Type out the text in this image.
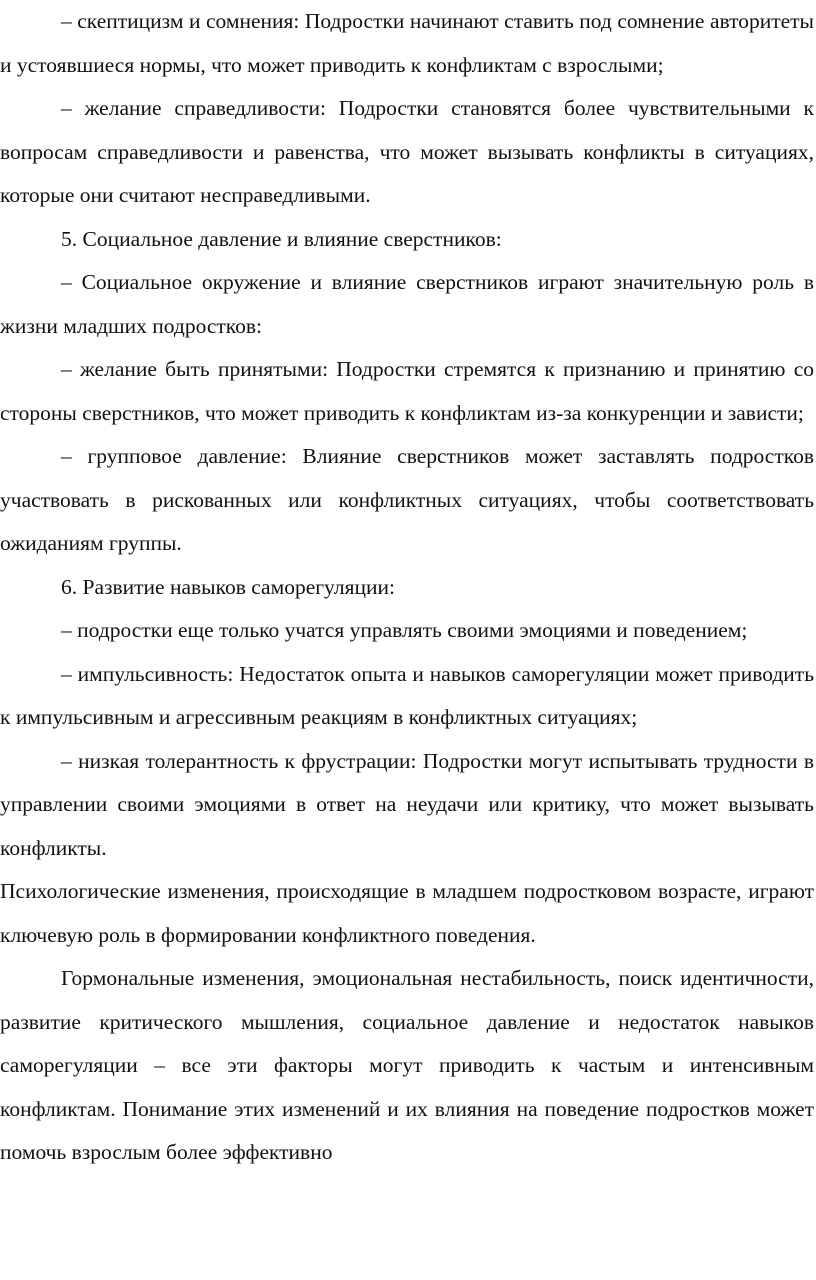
– скептицизм и сомнения: Подростки начинают ставить под сомнение авторитеты и устоявшиеся нормы, что может приводить к конфликтам с взрослыми;

– желание справедливости: Подростки становятся более чувствительными к вопросам справедливости и равенства, что может вызывать конфликты в ситуациях, которые они считают несправедливыми.

5. Социальное давление и влияние сверстников:

– Социальное окружение и влияние сверстников играют значительную роль в жизни младших подростков:

– желание быть принятыми: Подростки стремятся к признанию и принятию со стороны сверстников, что может приводить к конфликтам из-за конкуренции и зависти;

– групповое давление: Влияние сверстников может заставлять подростков участвовать в рискованных или конфликтных ситуациях, чтобы соответствовать ожиданиям группы.

6. Развитие навыков саморегуляции:

– подростки еще только учатся управлять своими эмоциями и поведением;

– импульсивность: Недостаток опыта и навыков саморегуляции может приводить к импульсивным и агрессивным реакциям в конфликтных ситуациях;

– низкая толерантность к фрустрации: Подростки могут испытывать трудности в управлении своими эмоциями в ответ на неудачи или критику, что может вызывать конфликты.

Психологические изменения, происходящие в младшем подростковом возрасте, играют ключевую роль в формировании конфликтного поведения.

Гормональные изменения, эмоциональная нестабильность, поиск идентичности, развитие критического мышления, социальное давление и недостаток навыков саморегуляции – все эти факторы могут приводить к частым и интенсивным конфликтам. Понимание этих изменений и их влияния на поведение подростков может помочь взрослым более эффективно
